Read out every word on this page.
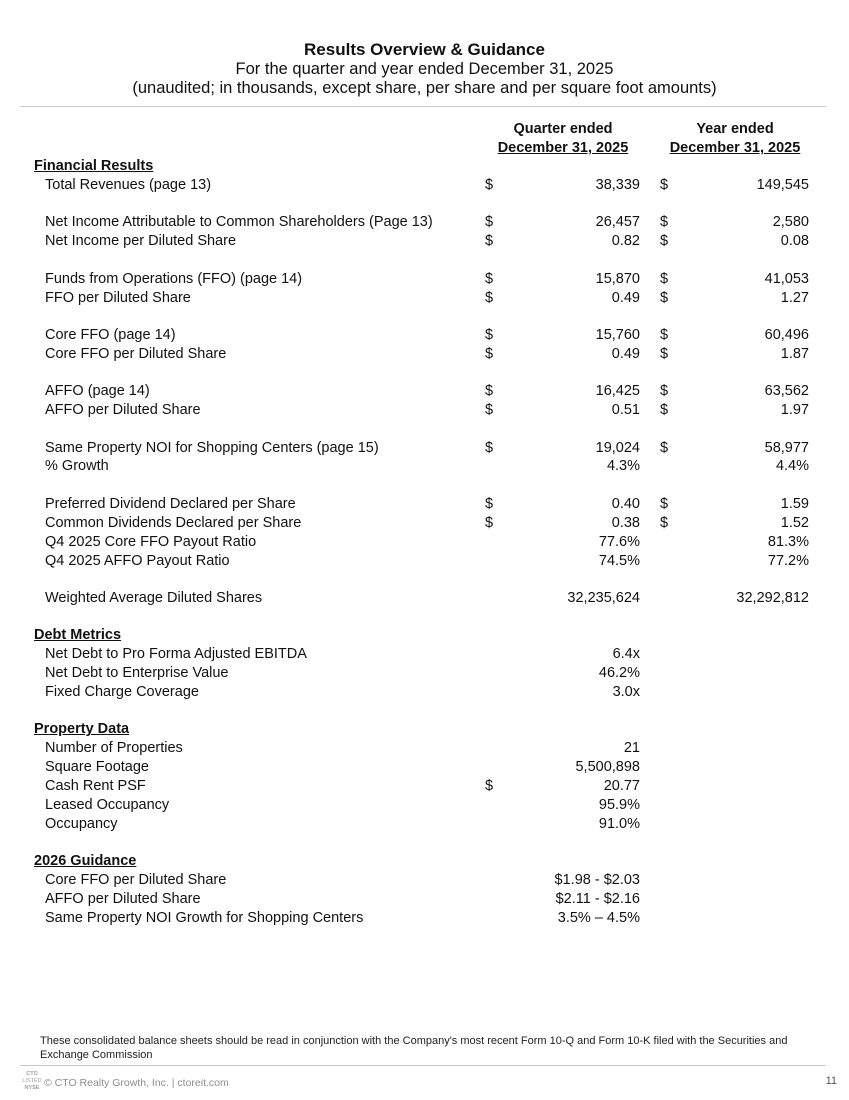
Results Overview & Guidance
For the quarter and year ended December 31, 2025
(unaudited; in thousands, except share, per share and per square foot amounts)
Quarter ended
December 31, 2025
Year ended
December 31, 2025
Financial Results
Total Revenues (page 13)	$	38,339 $	149,545
Net Income Attributable to Common Shareholders (Page 13)	$	26,457 $	2,580
Net Income per Diluted Share	$	0.82 $	0.08
Funds from Operations (FFO) (page 14)	$	15,870 $	41,053
FFO per Diluted Share	$	0.49 $	1.27
Core FFO (page 14)	$	15,760 $	60,496
Core FFO per Diluted Share	$	0.49 $	1.87
AFFO (page 14)	$	16,425 $	63,562
AFFO per Diluted Share	$	0.51 $	1.97
Same Property NOI for Shopping Centers (page 15)	$	19,024 $	58,977
% Growth	4.3%	4.4%
Preferred Dividend Declared per Share	$	0.40 $	1.59
Common Dividends Declared per Share	$	0.38 $	1.52
Q4 2025 Core FFO Payout Ratio	77.6%	81.3%
Q4 2025 AFFO Payout Ratio	74.5%	77.2%
Weighted Average Diluted Shares	32,235,624	32,292,812
Debt Metrics
Net Debt to Pro Forma Adjusted EBITDA	6.4x
Net Debt to Enterprise Value	46.2%
Fixed Charge Coverage	3.0x
Property Data
Number of Properties	21
Square Footage	5,500,898
Cash Rent PSF	$	20.77
Leased Occupancy	95.9%
Occupancy	91.0%
2026 Guidance
Core FFO per Diluted Share	$1.98 - $2.03
AFFO per Diluted Share	$2.11 - $2.16
Same Property NOI Growth for Shopping Centers	3.5% – 4.5%
These consolidated balance sheets should be read in conjunction with the Company's most recent Form 10-Q and Form 10-K filed with the Securities and Exchange Commission
CTO
LISTED
NYSE © CTO Realty Growth, Inc. | ctoreit.com	11
